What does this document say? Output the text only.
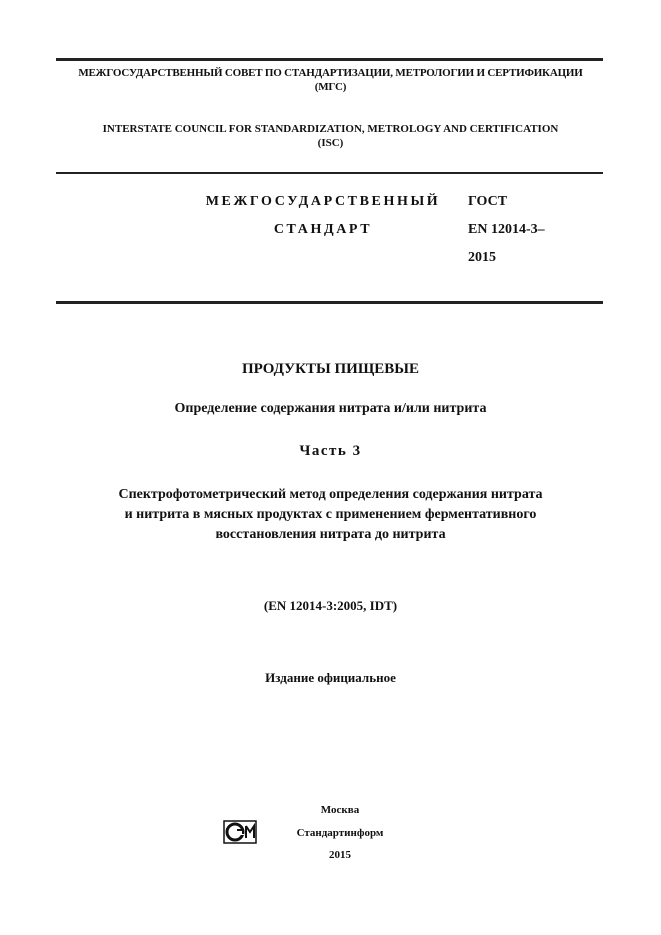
МЕЖГОСУДАРСТВЕННЫЙ СОВЕТ ПО СТАНДАРТИЗАЦИИ, МЕТРОЛОГИИ И СЕРТИФИКАЦИИ
(МГС)
INTERSTATE COUNCIL FOR STANDARDIZATION, METROLOGY AND CERTIFICATION
(ISC)
МЕЖГОСУДАРСТВЕННЫЙ
СТАНДАРТ
ГОСТ
EN 12014-3–
2015
ПРОДУКТЫ ПИЩЕВЫЕ
Определение содержания нитрата и/или нитрита
Часть 3
Спектрофотометрический метод определения содержания нитрата
и нитрита в мясных продуктах с применением ферментативного
восстановления нитрата до нитрита
(EN 12014-3:2005, IDT)
Издание официальное
Москва
Стандартинформ
2015
